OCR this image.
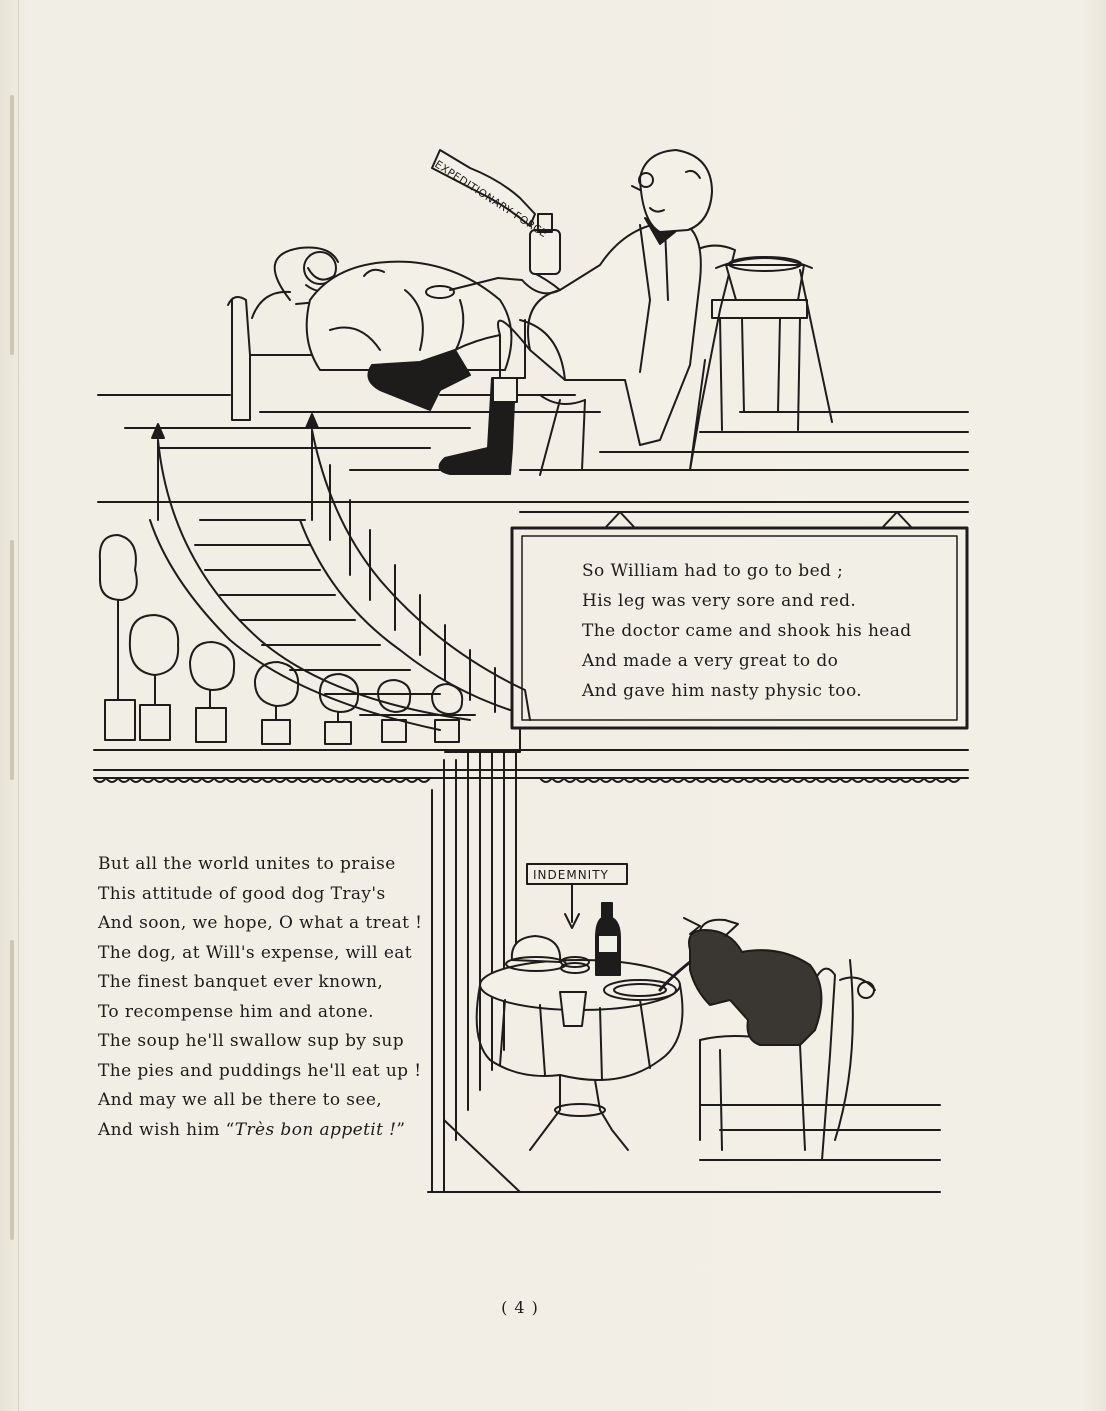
EXPEDITIONARY FORCE
INDEMNITY
So William had to go to bed ;
His leg was very sore and red.
The doctor came and shook his head
And made a very great to do
And gave him nasty physic too.
But all the world unites to praise
This attitude of good dog Tray's
And soon, we hope, O what a treat !
The dog, at Will's expense, will eat
The finest banquet ever known,
To recompense him and atone.
The soup he'll swallow sup by sup
The pies and puddings he'll eat up !
And may we all be there to see,
And wish him “Très bon appetit !”
( 4 )
